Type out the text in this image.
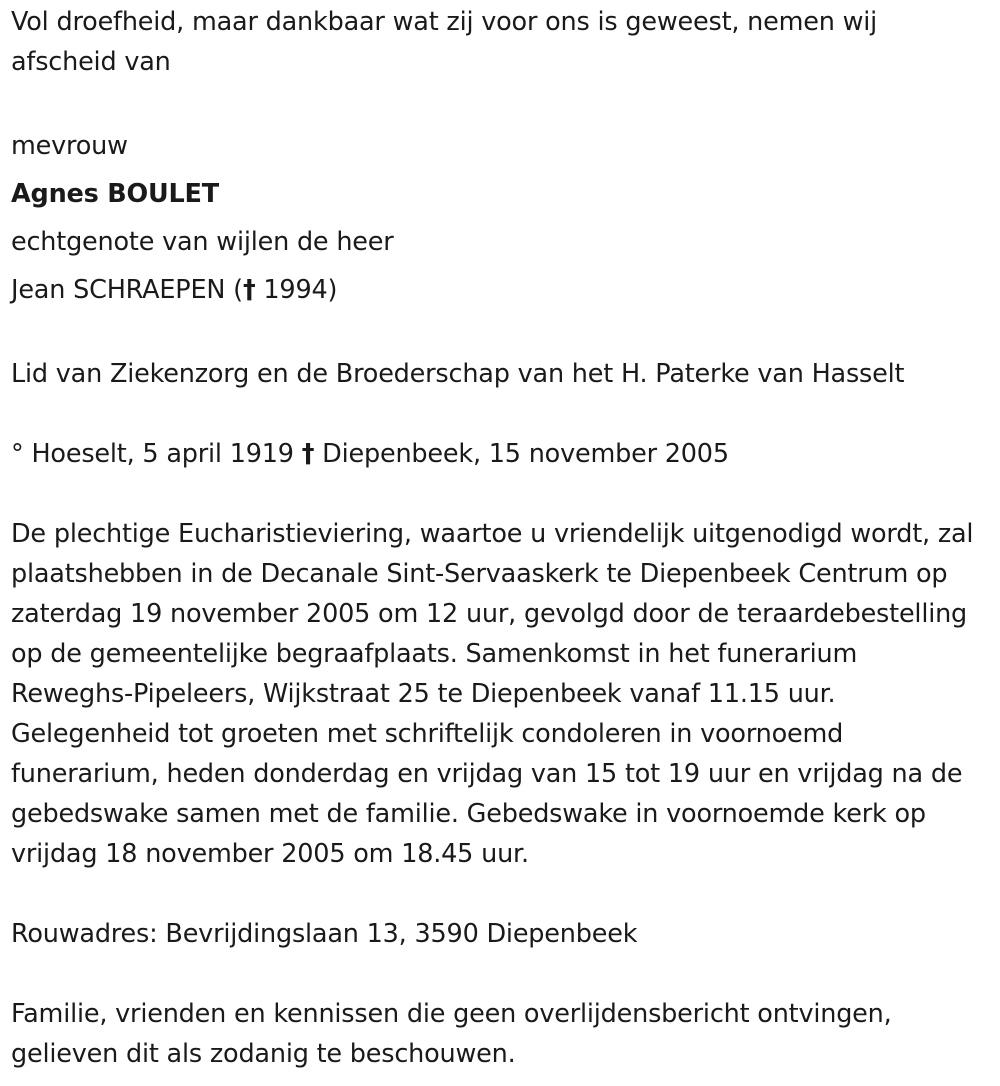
Vol droefheid, maar dankbaar wat zij voor ons is geweest, nemen wij afscheid van

mevrouw

Agnes BOULET

echtgenote van wijlen de heer

Jean SCHRAEPEN († 1994)

Lid van Ziekenzorg en de Broederschap van het H. Paterke van Hasselt

° Hoeselt, 5 april 1919 † Diepenbeek, 15 november 2005

De plechtige Eucharistieviering, waartoe u vriendelijk uitgenodigd wordt, zal plaatshebben in de Decanale Sint-Servaaskerk te Diepenbeek Centrum op zaterdag 19 november 2005 om 12 uur, gevolgd door de teraardebestelling op de gemeentelijke begraafplaats. Samenkomst in het funerarium Reweghs-Pipeleers, Wijkstraat 25 te Diepenbeek vanaf 11.15 uur. Gelegenheid tot groeten met schriftelijk condoleren in voornoemd funerarium, heden donderdag en vrijdag van 15 tot 19 uur en vrijdag na de gebedswake samen met de familie. Gebedswake in voornoemde kerk op vrijdag 18 november 2005 om 18.45 uur.

Rouwadres: Bevrijdingslaan 13, 3590 Diepenbeek

Familie, vrienden en kennissen die geen overlijdensbericht ontvingen, gelieven dit als zodanig te beschouwen.
